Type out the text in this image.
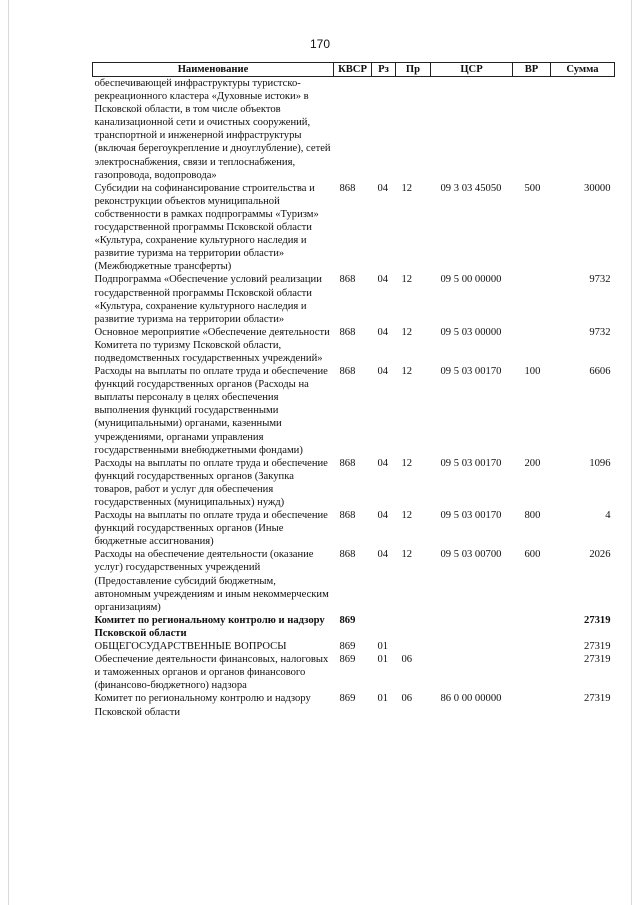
170
Наименование	КВСР	Рз	Пр	ЦСР	ВР	Сумма
обеспечивающей инфраструктуры туристско-рекреационного кластера «Духовные истоки» в Псковской области, в том числе объектов канализационной сети и очистных сооружений, транспортной и инженерной инфраструктуры (включая берегоукрепление и дноуглубление), сетей электроснабжения, связи и теплоснабжения, газопровода, водопровода»						
Субсидии на софинансирование строительства и реконструкции объектов муниципальной собственности в рамках подпрограммы «Туризм» государственной программы Псковской области «Культура, сохранение культурного наследия и развитие туризма на территории области» (Межбюджетные трансферты)	868	04	12	09 3 03 45050	500	30000
Подпрограмма «Обеспечение условий реализации государственной программы Псковской области «Культура, сохранение культурного наследия и развитие туризма на территории области»	868	04	12	09 5 00 00000		9732
Основное мероприятие «Обеспечение деятельности Комитета по туризму Псковской области, подведомственных государственных учреждений»	868	04	12	09 5 03 00000		9732
Расходы на выплаты по оплате труда и обеспечение функций государственных органов (Расходы на выплаты персоналу в целях обеспечения выполнения функций государственными (муниципальными) органами, казенными учреждениями, органами управления государственными внебюджетными фондами)	868	04	12	09 5 03 00170	100	6606
Расходы на выплаты по оплате труда и обеспечение функций государственных органов (Закупка товаров, работ и услуг для обеспечения государственных (муниципальных) нужд)	868	04	12	09 5 03 00170	200	1096
Расходы на выплаты по оплате труда и обеспечение функций государственных органов (Иные бюджетные ассигнования)	868	04	12	09 5 03 00170	800	4
Расходы на обеспечение деятельности (оказание услуг) государственных учреждений (Предоставление субсидий бюджетным, автономным учреждениям и иным некоммерческим организациям)	868	04	12	09 5 03 00700	600	2026
Комитет по региональному контролю и надзору Псковской области	869					27319
ОБЩЕГОСУДАРСТВЕННЫЕ ВОПРОСЫ	869	01				27319
Обеспечение деятельности финансовых, налоговых и таможенных органов и органов финансового (финансово-бюджетного) надзора	869	01	06			27319
Комитет по региональному контролю и надзору Псковской области	869	01	06	86 0 00 00000		27319
